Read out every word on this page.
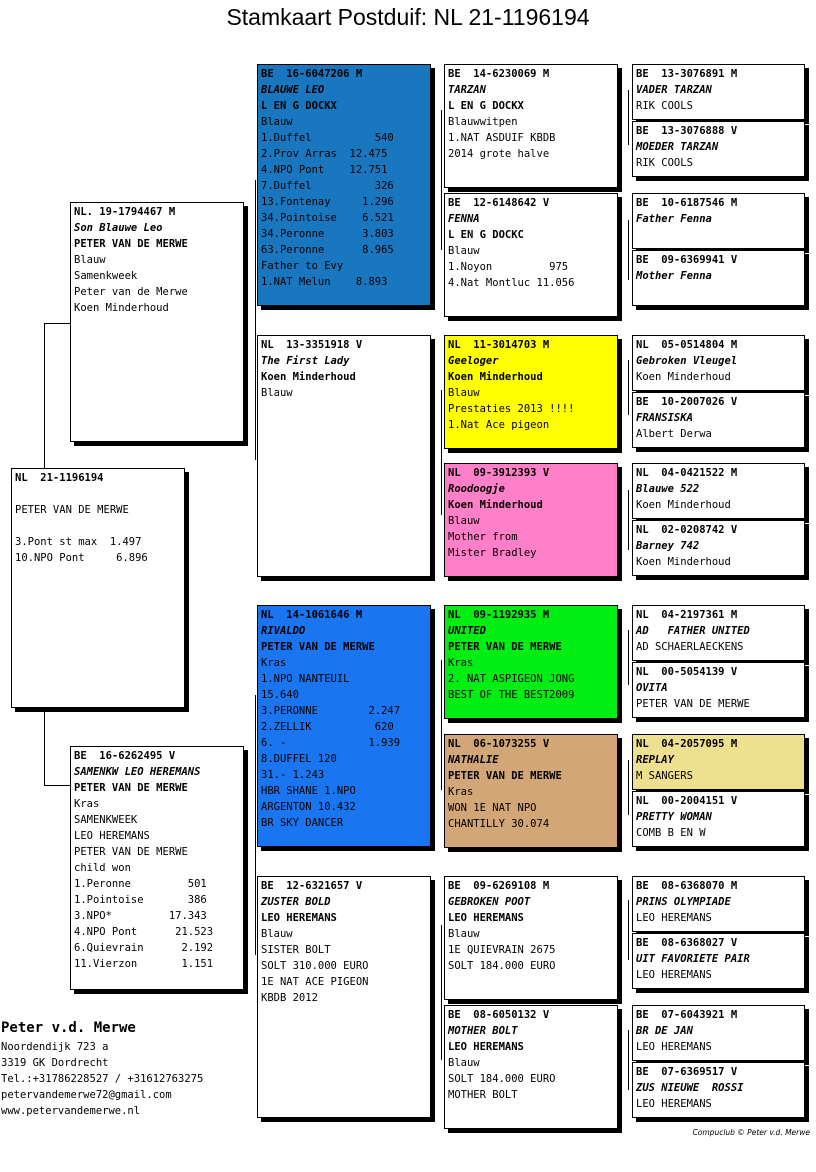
Stamkaart Postduif: NL 21-1196194
NL  21-1196194
PETER VAN DE MERWE
3.Pont st max  1.497
10.NPO Pont     6.896
NL. 19-1794467 M
Son Blauwe Leo
PETER VAN DE MERWE
Blauw
Samenkweek
Peter van de Merwe
Koen Minderhoud
BE  16-6262495 V
SAMENKW LEO HEREMANS
PETER VAN DE MERWE
Kras
SAMENKWEEK
LEO HEREMANS
PETER VAN DE MERWE
child won
1.Peronne         501
1.Pointoise       386
3.NPO*         17.343
4.NPO Pont      21.523
6.Quievrain      2.192
11.Vierzon       1.151
BE  16-6047206 M
BLAUWE LEO
L EN G DOCKX
Blauw
1.Duffel          540
2.Prov Arras  12.475
4.NPO Pont    12.751
7.Duffel          326
13.Fontenay     1.296
34.Pointoise    6.521
34.Peronne      3.803
63.Peronne      8.965
Father to Evy
1.NAT Melun    8.893
NL  13-3351918 V
The First Lady
Koen Minderhoud
Blauw
NL  14-1061646 M
RIVALDO
PETER VAN DE MERWE
Kras
1.NPO NANTEUIL
15.640
3.PERONNE        2.247
2.ZELLIK          620
6. -             1.939
8.DUFFEL 120
31.- 1.243
HBR SHANE 1.NPO
ARGENTON 10.432
BR SKY DANCER
BE  12-6321657 V
ZUSTER BOLD
LEO HEREMANS
Blauw
SISTER BOLT
SOLT 310.000 EURO
1E NAT ACE PIGEON
KBDB 2012
BE  14-6230069 M
TARZAN
L EN G DOCKX
Blauwwitpen
1.NAT ASDUIF KBDB
2014 grote halve
BE  12-6148642 V
FENNA
L EN G DOCKC
Blauw
1.Noyon         975
4.Nat Montluc 11.056
NL  11-3014703 M
Geeloger
Koen Minderhoud
Blauw
Prestaties 2013 !!!!
1.Nat Ace pigeon
NL  09-3912393 V
Roodoogje
Koen Minderhoud
Blauw
Mother from
Mister Bradley
NL  09-1192935 M
UNITED
PETER VAN DE MERWE
Kras
2. NAT ASPIGEON JONG
BEST OF THE BEST2009
NL  06-1073255 V
NATHALIE
PETER VAN DE MERWE
Kras
WON 1E NAT NPO
CHANTILLY 30.074
BE  09-6269108 M
GEBROKEN POOT
LEO HEREMANS
Blauw
1E QUIEVRAIN 2675
SOLT 184.000 EURO
BE  08-6050132 V
MOTHER BOLT
LEO HEREMANS
Blauw
SOLT 184.000 EURO
MOTHER BOLT
BE  13-3076891 M
VADER TARZAN
RIK COOLS
BE  13-3076888 V
MOEDER TARZAN
RIK COOLS
BE  10-6187546 M
Father Fenna
BE  09-6369941 V
Mother Fenna
NL  05-0514804 M
Gebroken Vleugel
Koen Minderhoud
BE  10-2007026 V
FRANSISKA
Albert Derwa
NL  04-0421522 M
Blauwe 522
Koen Minderhoud
NL  02-0208742 V
Barney 742
Koen Minderhoud
NL  04-2197361 M
AD   FATHER UNITED
AD SCHAERLAECKENS
NL  00-5054139 V
OVITA
PETER VAN DE MERWE
NL  04-2057095 M
REPLAY
M SANGERS
NL  00-2004151 V
PRETTY WOMAN
COMB B EN W
BE  08-6368070 M
PRINS OLYMPIADE
LEO HEREMANS
BE  08-6368027 V
UIT FAVORIETE PAIR
LEO HEREMANS
BE  07-6043921 M
BR DE JAN
LEO HEREMANS
BE  07-6369517 V
ZUS NIEUWE  ROSSI
LEO HEREMANS
Peter v.d. Merwe
Noordendijk 723 a
3319 GK Dordrecht
Tel.:+31786228527 / +31612763275
petervandemerwe72@gmail.com
www.petervandemerwe.nl
Compuclub © Peter v.d. Merwe
